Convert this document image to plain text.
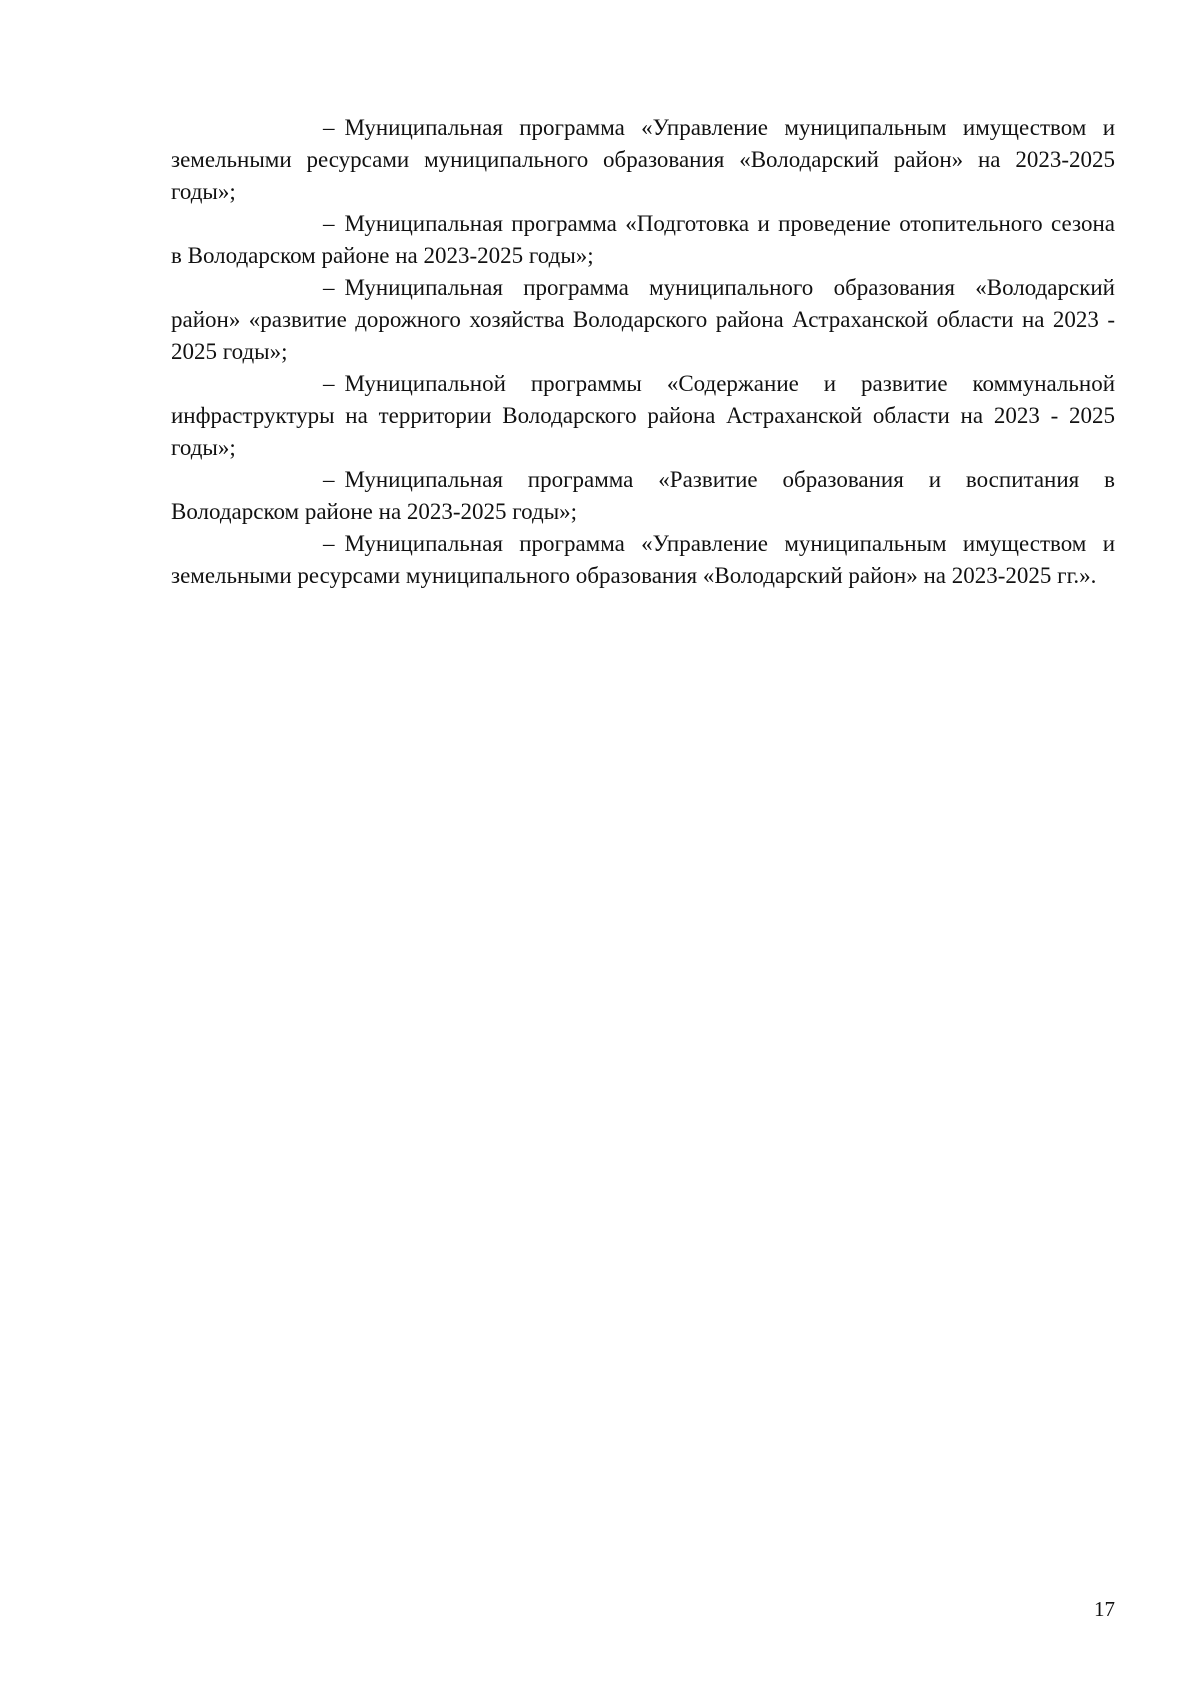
– Муниципальная программа «Управление муниципальным имуществом и земельными ресурсами муниципального образования «Володарский район» на 2023-2025 годы»;

– Муниципальная программа «Подготовка и проведение отопительного сезона в Володарском районе на 2023-2025 годы»;

– Муниципальная программа муниципального образования «Володарский район» «развитие дорожного хозяйства Володарского района Астраханской области на 2023 - 2025 годы»;

– Муниципальной программы «Содержание и развитие коммунальной инфраструктуры на территории Володарского района Астраханской области на 2023 - 2025 годы»;

– Муниципальная программа «Развитие образования и воспитания в Володарском районе на 2023-2025 годы»;

– Муниципальная программа «Управление муниципальным имуществом и земельными ресурсами муниципального образования «Володарский район» на 2023-2025 гг.».

17
